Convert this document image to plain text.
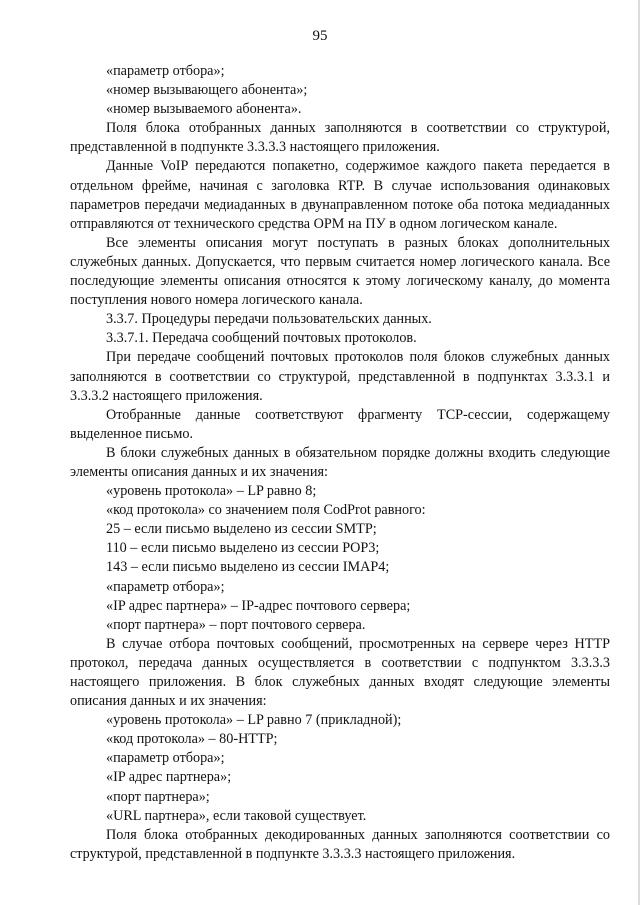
95

«параметр отбора»;

«номер вызывающего абонента»;

«номер вызываемого абонента».

Поля блока отобранных данных заполняются в соответствии со структурой, представленной в подпункте 3.3.3.3 настоящего приложения.

Данные VoIP передаются попакетно, содержимое каждого пакета передается в отдельном фрейме, начиная с заголовка RTP. В случае использования одинаковых параметров передачи медиаданных в двунаправленном потоке оба потока медиаданных отправляются от технического средства ОРМ на ПУ в одном логическом канале.

Все элементы описания могут поступать в разных блоках дополнительных служебных данных. Допускается, что первым считается номер логического канала. Все последующие элементы описания относятся к этому логическому каналу, до момента поступления нового номера логического канала.

3.3.7. Процедуры передачи пользовательских данных.

3.3.7.1. Передача сообщений почтовых протоколов.

При передаче сообщений почтовых протоколов поля блоков служебных данных заполняются в соответствии со структурой, представленной в подпунктах 3.3.3.1 и 3.3.3.2 настоящего приложения.

Отобранные данные соответствуют фрагменту TCP-сессии, содержащему выделенное письмо.

В блоки служебных данных в обязательном порядке должны входить следующие элементы описания данных и их значения:

«уровень протокола» – LP равно 8;

«код протокола» со значением поля CodProt равного:

25 – если письмо выделено из сессии SMTP;

110 – если письмо выделено из сессии POP3;

143 – если письмо выделено из сессии IMAP4;

«параметр отбора»;

«IP адрес партнера» – IP-адрес почтового сервера;

«порт партнера» – порт почтового сервера.

В случае отбора почтовых сообщений, просмотренных на сервере через HTTP протокол, передача данных осуществляется в соответствии с подпунктом 3.3.3.3 настоящего приложения. В блок служебных данных входят следующие элементы описания данных и их значения:

«уровень протокола» – LP равно 7 (прикладной);

«код протокола» – 80-HTTP;

«параметр отбора»;

«IP адрес партнера»;

«порт партнера»;

«URL партнера», если таковой существует.

Поля блока отобранных декодированных данных заполняются соответствии со структурой, представленной в подпункте 3.3.3.3 настоящего приложения.
